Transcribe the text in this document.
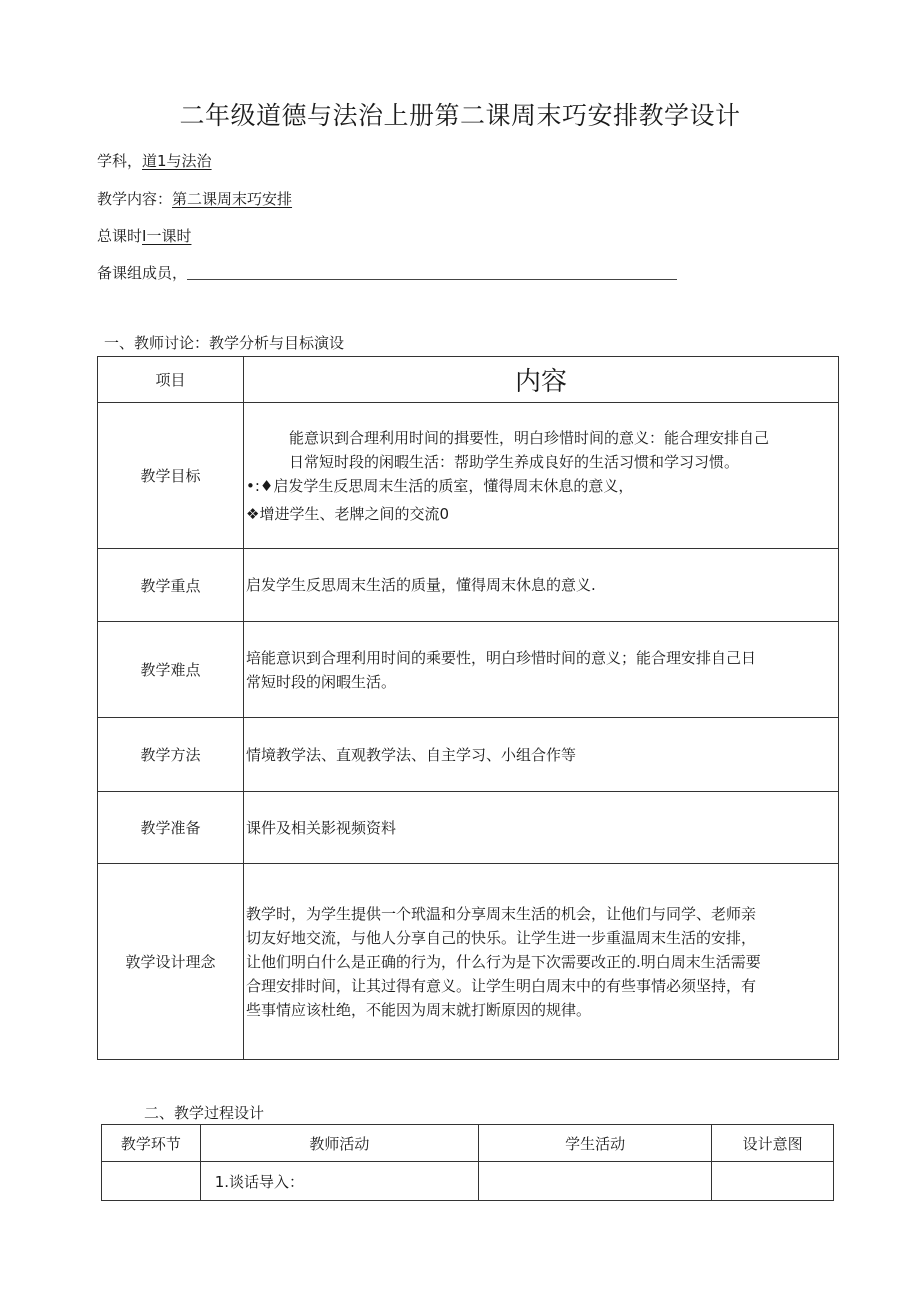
二年级道德与法治上册第二课周末巧安排教学设计
学科，道1与法治
教学内容：第二课周末巧安排
总课时I一课时
备课组成员，
一、教师讨论：教学分析与目标演设
项目	内容
教学目标	能意识到合理利用时间的揖要性，明白珍惜时间的意义：能合理安排自己
日常短时段的闲暇生活：帮助学生养成良好的生活习惯和学习习惯。
•:♦启发学生反思周末生活的质室，懂得周末休息的意义，
❖增进学生、老牌之间的交流0

教学重点	启发学生反思周末生活的质量，懂得周末休息的意义.
教学难点	培能意识到合理利用时间的乘要性，明白珍惜时间的意义；能合理安排自己日
常短时段的闲暇生活。

教学方法	情境教学法、直观教学法、自主学习、小组合作等
教学准备	课件及相关影视频资料
敦学设计理念	教学时，为学生提供一个玳温和分享周末生活的机会，让他们与同学、老师亲
切友好地交流，与他人分享自己的快乐。让学生进一步重温周末生活的安排，
让他们明白什么是正确的行为，什么行为是下次需要改正的.明白周末生活需要
合理安排时间，让其过得有意义。让学生明白周末中的有些事情必须坚持，有
些事情应该杜绝，不能因为周末就打断原因的规律。
二、教学过程设计
教学环节	教师活动	学生活动	设计意图
	1.谈话导入：		
